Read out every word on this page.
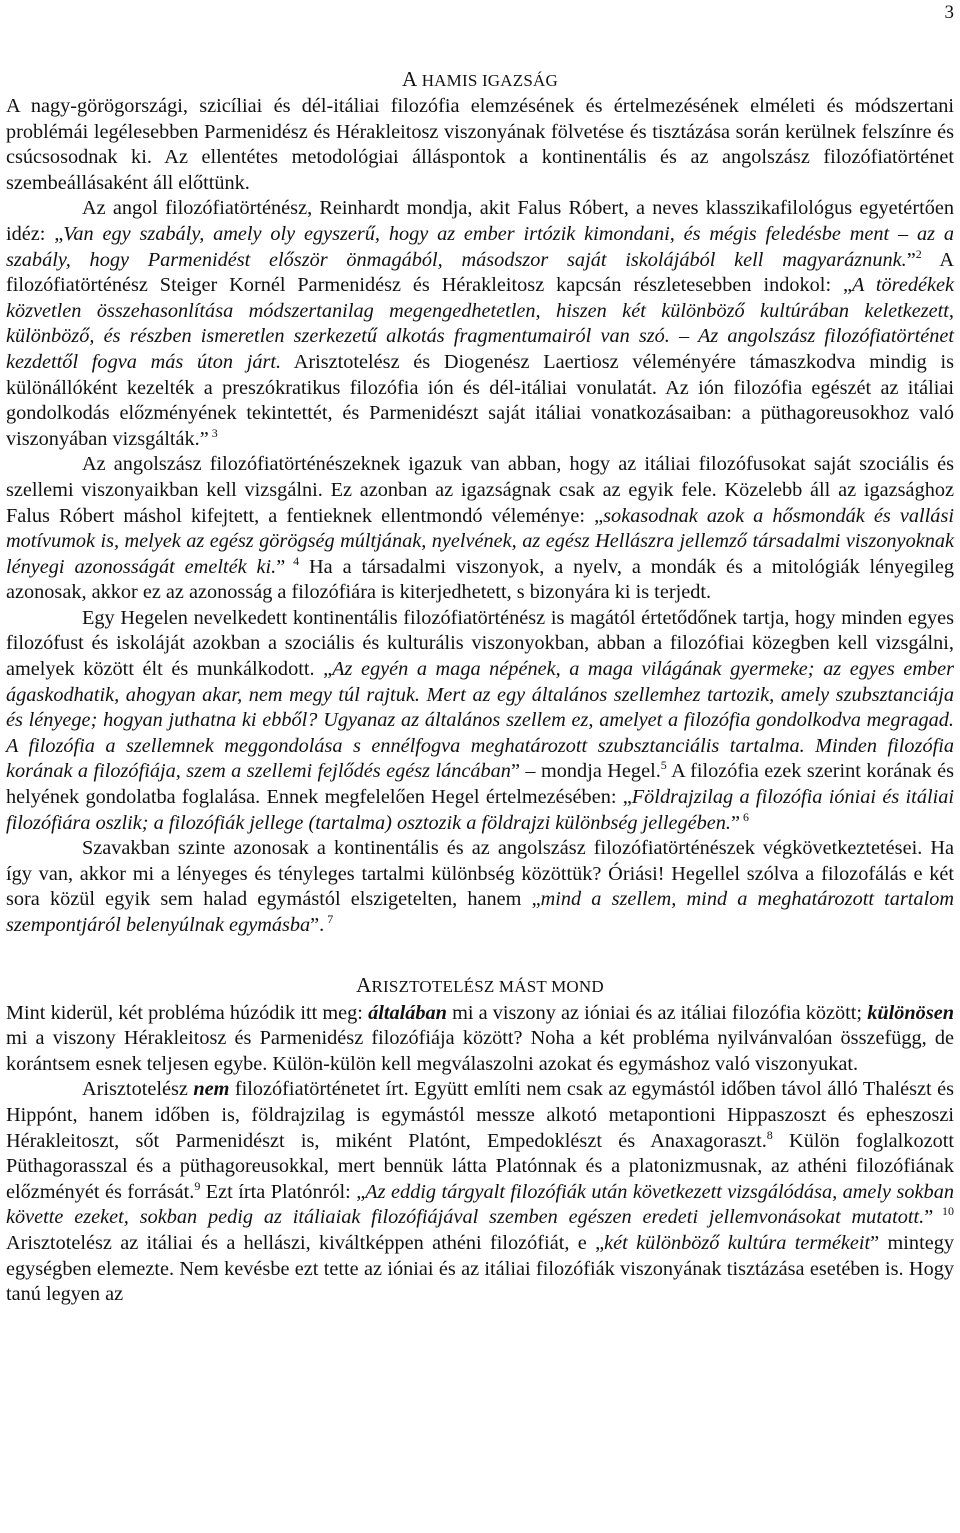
3
A HAMIS IGAZSÁG

A nagy-görögországi, szicíliai és dél-itáliai filozófia elemzésének és értelmezésének elméleti és módszertani problémái legélesebben Parmenidész és Hérakleitosz viszonyának fölvetése és tisztázása során kerülnek felszínre és csúcsosodnak ki. Az ellentétes metodológiai álláspontok a kontinentális és az angolszász filozófiatörténet szembeállásaként áll előttünk.

Az angol filozófiatörténész, Reinhardt mondja, akit Falus Róbert, a neves klasszikafilológus egyetértően idéz: „Van egy szabály, amely oly egyszerű, hogy az ember irtózik kimondani, és mégis feledésbe ment – az a szabály, hogy Parmenidést először önmagából, másodszor saját iskolájából kell magyaráznunk.”$^2$ A filozófiatörténész Steiger Kornél Parmenidész és Hérakleitosz kapcsán részletesebben indokol: „A töredékek közvetlen összehasonlítása módszertanilag megengedhetetlen, hiszen két különböző kultúrában keletkezett, különböző, és részben ismeretlen szerkezetű alkotás fragmentumairól van szó. – Az angolszász filozófiatörténet kezdettől fogva más úton járt. Arisztotelész és Diogenész Laertiosz véleményére támaszkodva mindig is különállóként kezelték a preszókratikus filozófia ión és dél-itáliai vonulatát. Az ión filozófia egészét az itáliai gondolkodás előzményének tekintettét, és Parmenidészt saját itáliai vonatkozásaiban: a püthagoreusokhoz való viszonyában vizsgálták.” $^3$

Az angolszász filozófiatörténészeknek igazuk van abban, hogy az itáliai filozófusokat saját szociális és szellemi viszonyaikban kell vizsgálni. Ez azonban az igazságnak csak az egyik fele. Közelebb áll az igazsághoz Falus Róbert máshol kifejtett, a fentieknek ellentmondó véleménye: „sokasodnak azok a hősmondák és vallási motívumok is, melyek az egész görögség múltjának, nyelvének, az egész Hellászra jellemző társadalmi viszonyoknak lényegi azonosságát emelték ki.” $^4$ Ha a társadalmi viszonyok, a nyelv, a mondák és a mitológiák lényegileg azonosak, akkor ez az azonosság a filozófiára is kiterjedhetett, s bizonyára ki is terjedt.

Egy Hegelen nevelkedett kontinentális filozófiatörténész is magától értetődőnek tartja, hogy minden egyes filozófust és iskoláját azokban a szociális és kulturális viszonyokban, abban a filozófiai közegben kell vizsgálni, amelyek között élt és munkálkodott. „Az egyén a maga népének, a maga világának gyermeke; az egyes ember ágaskodhatik, ahogyan akar, nem megy túl rajtuk. Mert az egy általános szellemhez tartozik, amely szubsztanciája és lényege; hogyan juthatna ki ebből? Ugyanaz az általános szellem ez, amelyet a filozófia gondolkodva megragad. A filozófia a szellemnek meggondolása s ennélfogva meghatározott szubsztanciális tartalma. Minden filozófia korának a filozófiája, szem a szellemi fejlődés egész láncában” – mondja Hegel.$^5$ A filozófia ezek szerint korának és helyének gondolatba foglalása. Ennek megfelelően Hegel értelmezésében: „Földrajzilag a filozófia ióniai és itáliai filozófiára oszlik; a filozófiák jellege (tartalma) osztozik a földrajzi különbség jellegében.” $^6$

Szavakban szinte azonosak a kontinentális és az angolszász filozófiatörténészek végkövetkeztetései. Ha így van, akkor mi a lényeges és tényleges tartalmi különbség közöttük? Óriási! Hegellel szólva a filozofálás e két sora közül egyik sem halad egymástól elszigetelten, hanem „mind a szellem, mind a meghatározott tartalom szempontjáról belenyúlnak egymásba”. $^7$

ARISZTOTELÉSZ MÁST MOND

Mint kiderül, két probléma húzódik itt meg: általában mi a viszony az ióniai és az itáliai filozófia között; különösen mi a viszony Hérakleitosz és Parmenidész filozófiája között? Noha a két probléma nyilvánvalóan összefügg, de korántsem esnek teljesen egybe. Külön-külön kell megválaszolni azokat és egymáshoz való viszonyukat.

Arisztotelész nem filozófiatörténetet írt. Együtt említi nem csak az egymástól időben távol álló Thalészt és Hippónt, hanem időben is, földrajzilag is egymástól messze alkotó metapontioni Hippaszoszt és epheszoszi Hérakleitoszt, sőt Parmenidészt is, miként Platónt, Empedoklészt és Anaxagoraszt.$^8$ Külön foglalkozott Püthagorasszal és a püthagoreusokkal, mert bennük látta Platónnak és a platonizmusnak, az athéni filozófiának előzményét és forrását.$^9$ Ezt írta Platónról: „Az eddig tárgyalt filozófiák után következett vizsgálódása, amely sokban követte ezeket, sokban pedig az itáliaiak filozófiájával szemben egészen eredeti jellemvonásokat mutatott.” $^{10}$ Arisztotelész az itáliai és a hellászi, kiváltképpen athéni filozófiát, e „két különböző kultúra termékeit” mintegy egységben elemezte. Nem kevésbe ezt tette az ióniai és az itáliai filozófiák viszonyának tisztázása esetében is. Hogy tanú legyen az
